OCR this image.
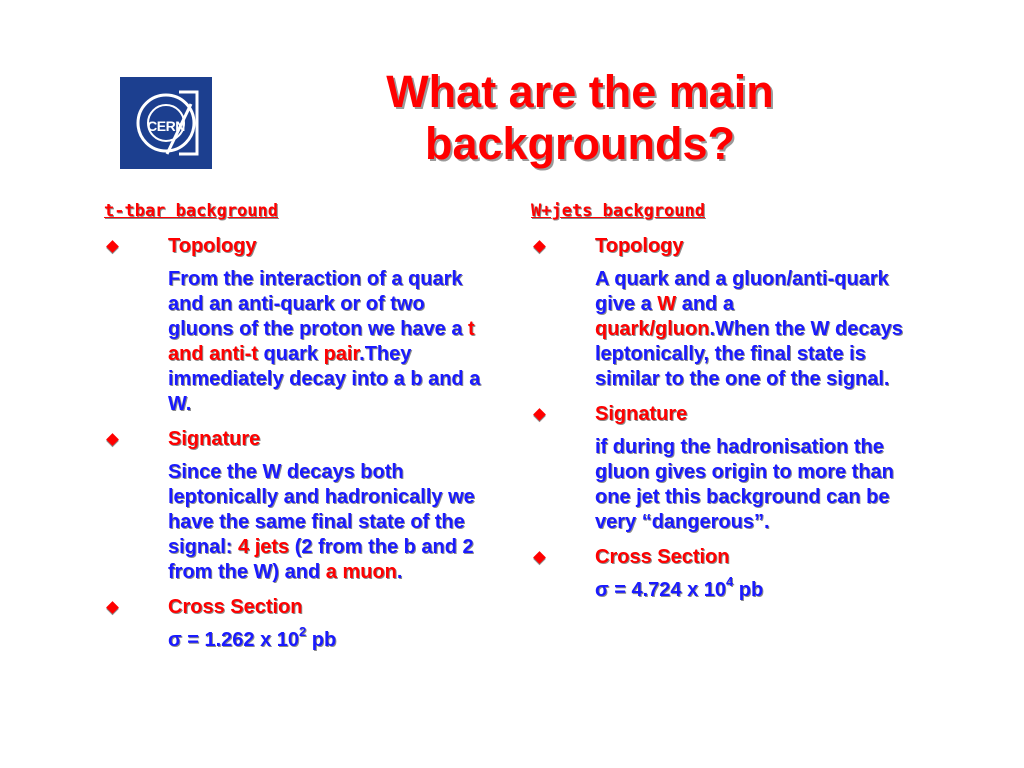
CERN
What are the main backgrounds?
t-tbar background
Topology
From the interaction of a quark and an anti-quark or of two gluons of the proton we have a t and anti-t quark pair.They immediately decay into a b and a W.
Signature
Since the W decays both leptonically and hadronically we have the same final state of the signal: 4 jets (2 from the b and 2 from the W) and a muon.
Cross Section
σ = 1.262 x $10^2$ pb
W+jets background
Topology
A quark and a gluon/anti-quark give a W and a quark/gluon.When the W decays leptonically, the final state is similar to the one of the signal.
Signature
if during the hadronisation the gluon gives origin to more than one jet this background can be very “dangerous”.
Cross Section
σ = 4.724 x $10^4$ pb
